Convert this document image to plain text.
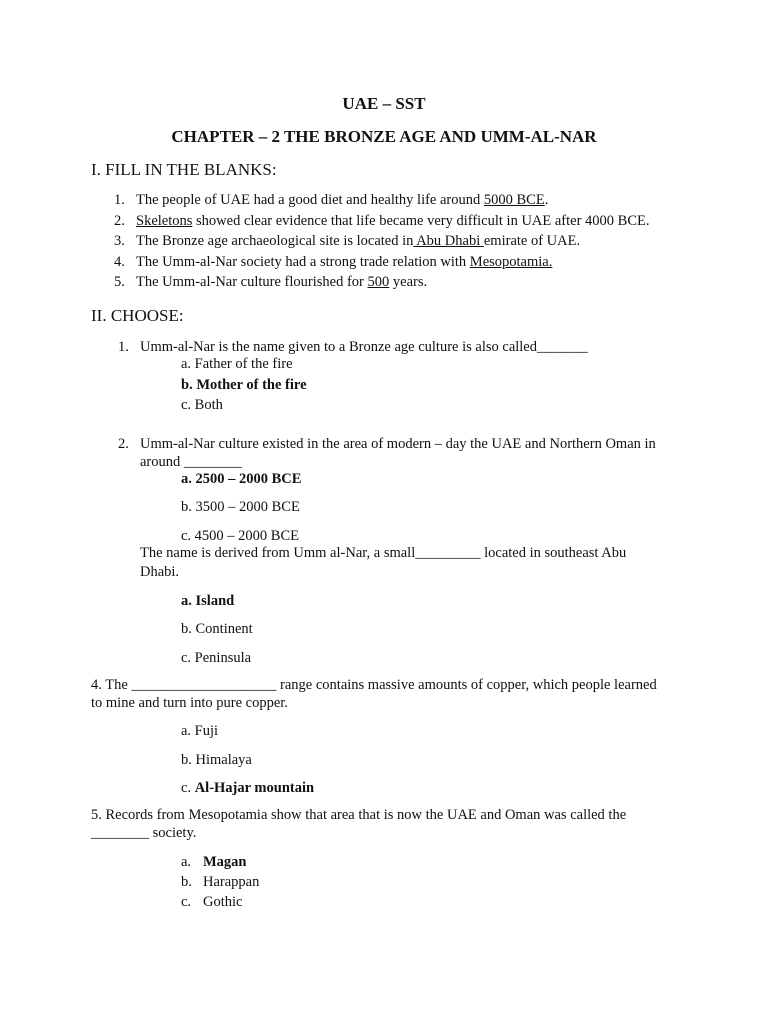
UAE – SST
CHAPTER – 2 THE BRONZE AGE AND UMM-AL-NAR
I. FILL IN THE BLANKS:
1. The people of UAE had a good diet and healthy life around 5000 BCE.
2. Skeletons showed clear evidence that life became very difficult in UAE after 4000 BCE.
3. The Bronze age archaeological site is located in Abu Dhabi emirate of UAE.
4. The Umm-al-Nar society had a strong trade relation with Mesopotamia.
5. The Umm-al-Nar culture flourished for 500 years.
II. CHOOSE:
1. Umm-al-Nar is the name given to a Bronze age culture is also called_______
a. Father of the fire
b. Mother of the fire
c. Both
2. Umm-al-Nar culture existed in the area of modern – day the UAE and Northern Oman in
around ________
a. 2500 – 2000 BCE
b. 3500 – 2000 BCE
c. 4500 – 2000 BCE
The name is derived from Umm al-Nar, a small_________ located in southeast Abu
Dhabi.
a. Island
b. Continent
c. Peninsula
4. The ____________________ range contains massive amounts of copper, which people learned
to mine and turn into pure copper.
a. Fuji
b. Himalaya
c. Al-Hajar mountain
5. Records from Mesopotamia show that area that is now the UAE and Oman was called the
________ society.
a. Magan
b. Harappan
c. Gothic
